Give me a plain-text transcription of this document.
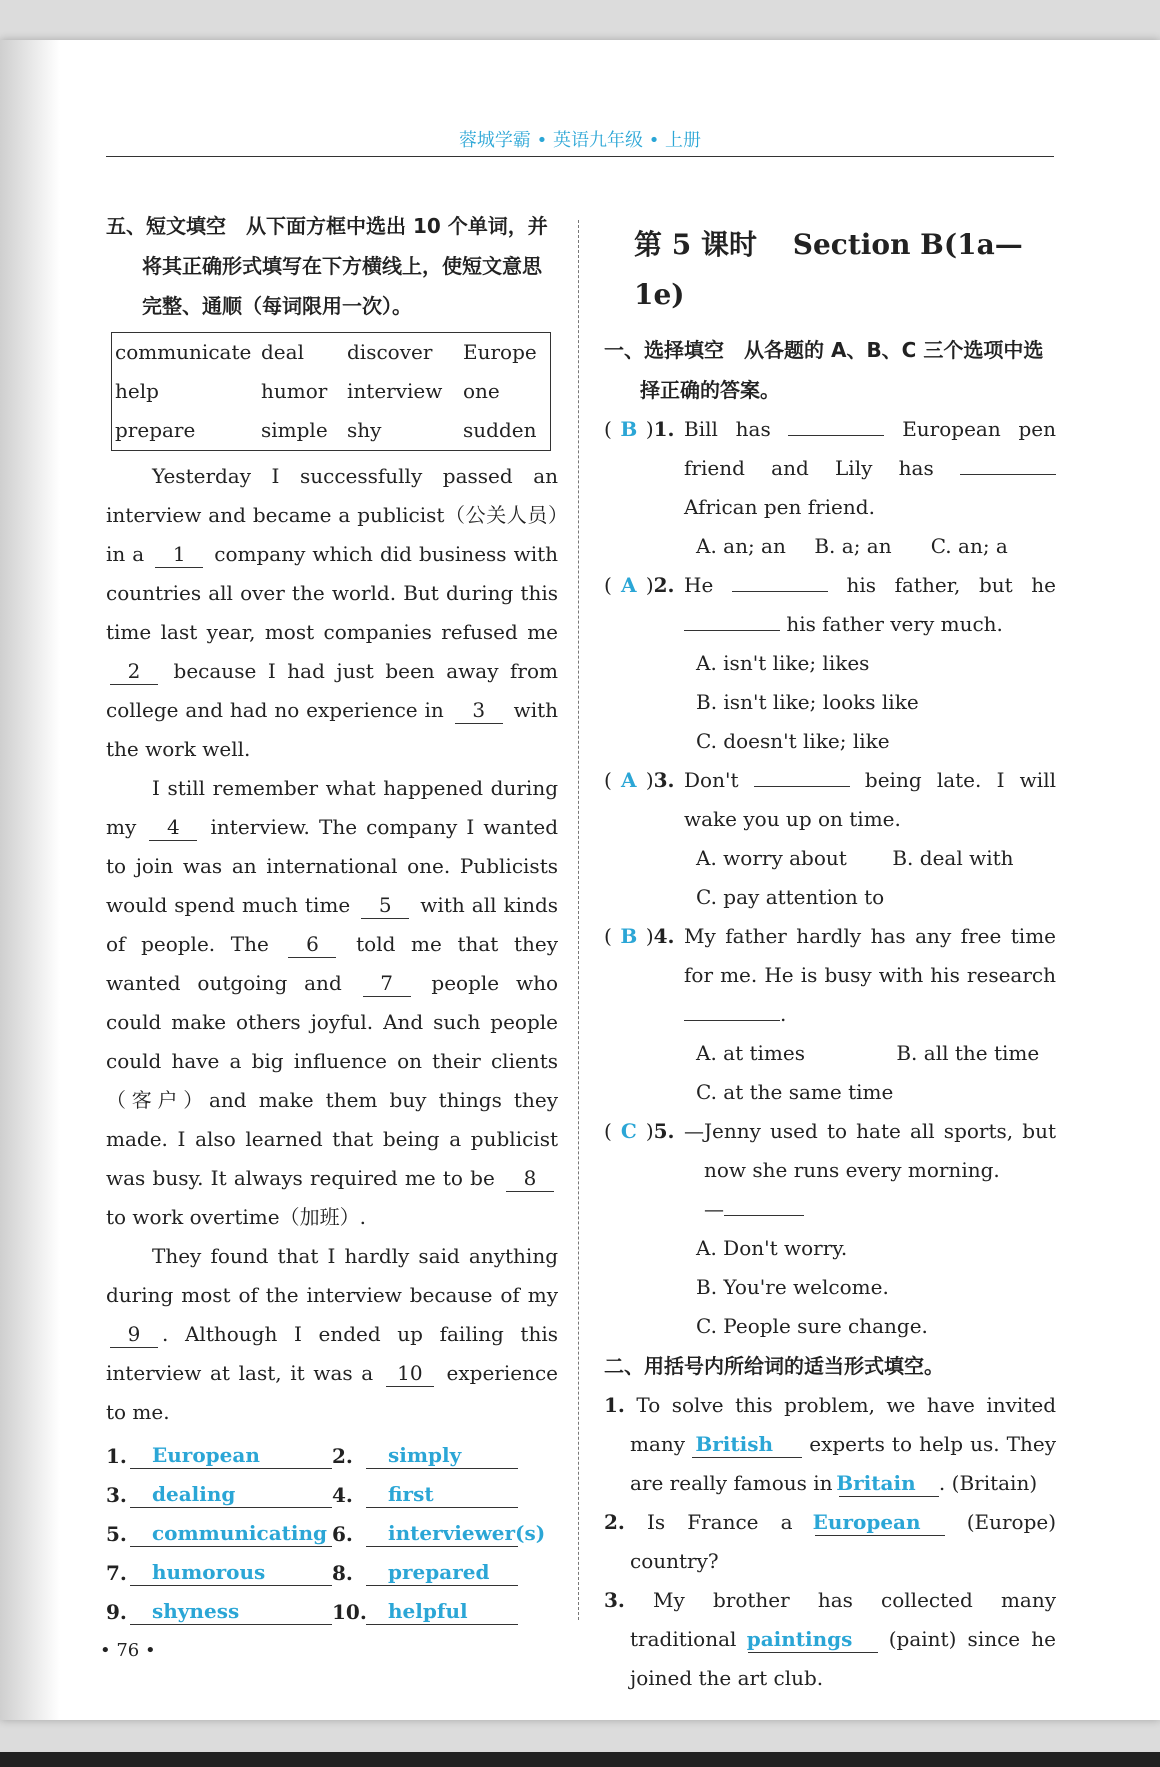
蓉城学霸 • 英语九年级 • 上册
五、短文填空　从下面方框中选出 10 个单词，并将其正确形式填写在下方横线上，使短文意思完整、通顺（每词限用一次）。
communicate	deal	discover	Europe
help	humor	interview	one
prepare	simple	shy	sudden

Yesterday I successfully passed an interview and became a publicist（公关人员）in a 1 company which did business with countries all over the world. But during this time last year, most companies refused me 2 because I had just been away from college and had no experience in 3 with the work well.

I still remember what happened during my 4 interview. The company I wanted to join was an international one. Publicists would spend much time 5 with all kinds of people. The 6 told me that they wanted outgoing and 7 people who could make others joyful. And such people could have a big influence on their clients（客户）and make them buy things they made. I also learned that being a publicist was busy. It always required me to be 8 to work overtime（加班）.

They found that I hardly said anything during most of the interview because of my 9 . Although I ended up failing this interview at last, it was a 10 experience to me.

1.	European	2.	simply
3.	dealing	4.	first
5.	communicating 6.	interviewer(s)
7.	humorous	8.	prepared
9.	shyness	10.	helpful
• 76 •
第 5 课时 Section B(1a—1e)
一、选择填空　从各题的 A、B、C 三个选项中选择正确的答案。
( B )1. Bill has	European pen friend and Lily has  African pen friend.
A. an; an B. a; an C. an; a
( A )2. He	his father, but he  his father very much.
A. isn't like; likes
B. isn't like; looks like
C. doesn't like; like
( A )3. Don't	being late. I will wake you up on time.
A. worry about B. deal with
C. pay attention to
( B )4. My father hardly has any free time for me. He is busy with his research .
A. at times	B. all the time
C. at the same time
( C )5. —Jenny used to hate all sports, but now she runs every morning.
—
A. Don't worry.
B. You're welcome.
C. People sure change.
二、用括号内所给词的适当形式填空。
1. To solve this problem, we have invited many British experts to help us. They are really famous in Britain . (Britain)
2. Is France a European (Europe) country?
3. My brother has collected many traditional paintings (paint) since he joined the art club.
